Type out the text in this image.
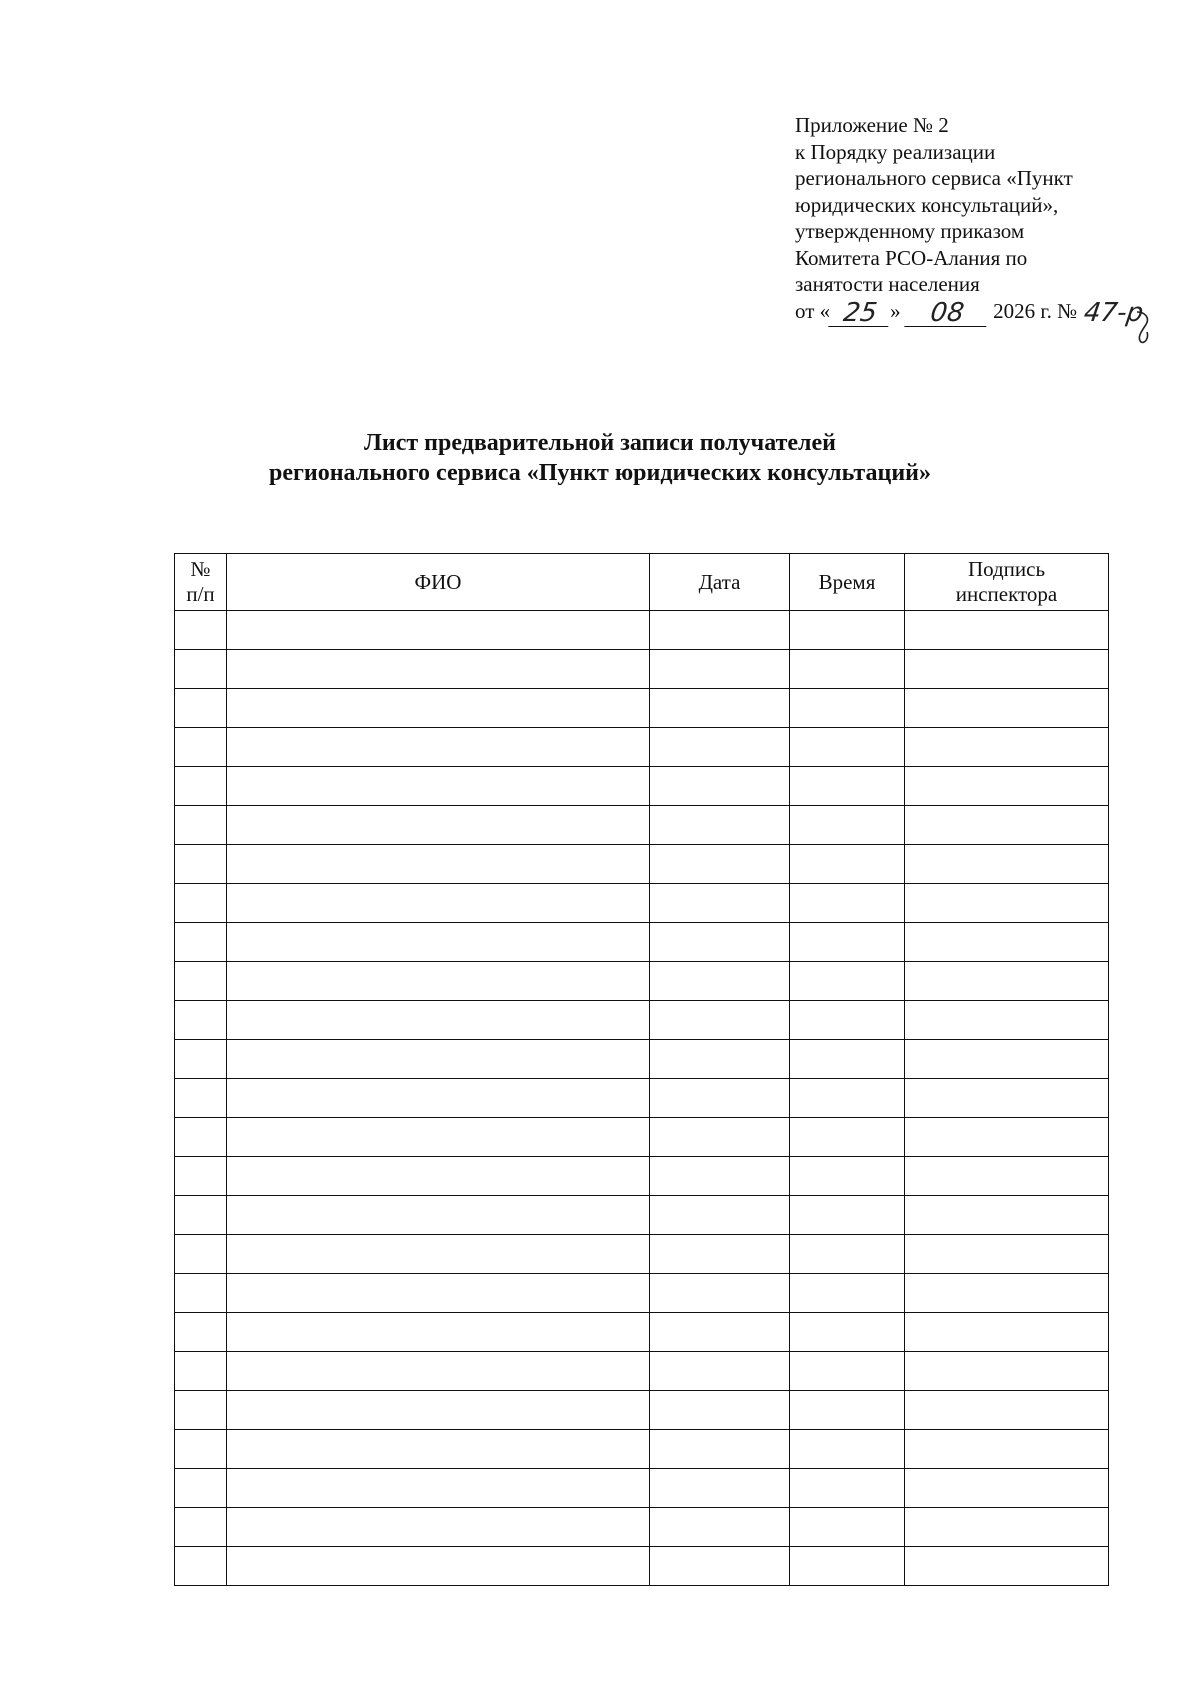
Приложение № 2
к Порядку реализации
регионального сервиса «Пункт
юридических консультаций»,
утвержденному приказом
Комитета РСО-Алания по
занятости населения
от « 25 » 08 2026 г. № 47-р
Лист предварительной записи получателей
регионального сервиса «Пункт юридических консультаций»
№
п/п	ФИО	Дата	Время	Подпись
инспектора
